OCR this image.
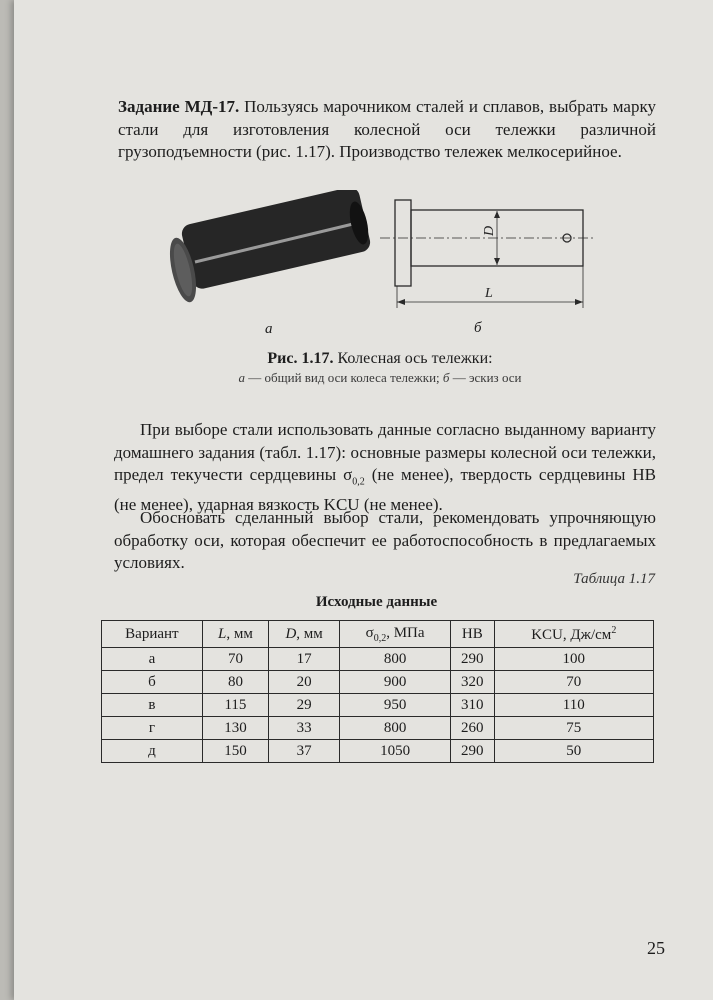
Задание МД-17. Пользуясь марочником сталей и сплавов, выбрать марку стали для изготовления колесной оси тележки различной грузоподъемности (рис. 1.17). Производство тележек мелкосерийное.

D
L
а	б
Рис. 1.17. Колесная ось тележки:
а — общий вид оси колеса тележки; б — эскиз оси

При выборе стали использовать данные согласно выданному варианту домашнего задания (табл. 1.17): основные размеры колесной оси тележки, предел текучести сердцевины $\sigma_{0,2}$ (не менее), твердость сердцевины НВ (не менее), ударная вязкость KCU (не менее).

Обосновать сделанный выбор стали, рекомендовать упрочняющую обработку оси, которая обеспечит ее работоспособность в предлагаемых условиях.

Таблица 1.17
Исходные данные
Вариант	L, мм	D, мм	$\sigma_{0,2}$, МПа	НВ	KCU, $Дж/см^2$
а	70	17	800	290	100
б	80	20	900	320	70
в	115	29	950	310	110
г	130	33	800	260	75
д	150	37	1050	290	50
25
